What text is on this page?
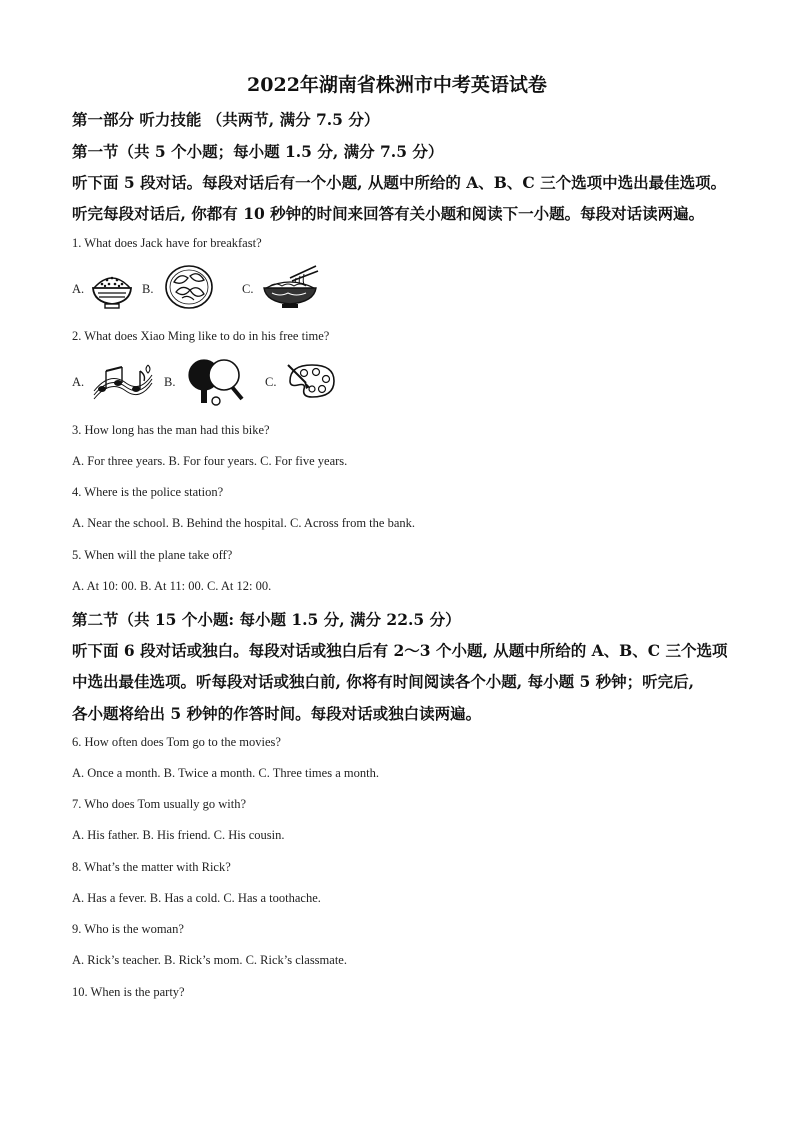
2022年湖南省株洲市中考英语试卷
第一部分 听力技能 （共两节, 满分 7.5 分）
第一节（共 5 个小题；每小题 1.5 分, 满分 7.5 分）
听下面 5 段对话。每段对话后有一个小题, 从题中所给的 A、B、C 三个选项中选出最佳选项。
听完每段对话后, 你都有 10 秒钟的时间来回答有关小题和阅读下一小题。每段对话读两遍。
1. What does Jack have for breakfast?
A.	B.	C.
2. What does Xiao Ming like to do in his free time?
A.	B.	C.
3. How long has the man had this bike?
A. For three years. B. For four years. C. For five years.
4. Where is the police station?
A. Near the school. B. Behind the hospital. C. Across from the bank.
5. When will the plane take off?
A. At 10: 00. B. At 11: 00. C. At 12: 00.
第二节（共 15 个小题: 每小题 1.5 分, 满分 22.5 分）
听下面 6 段对话或独白。每段对话或独白后有 2～3 个小题, 从题中所给的 A、B、C 三个选项
中选出最佳选项。听每段对话或独白前, 你将有时间阅读各个小题, 每小题 5 秒钟；听完后,
各小题将给出 5 秒钟的作答时间。每段对话或独白读两遍。
6. How often does Tom go to the movies?
A. Once a month. B. Twice a month. C. Three times a month.
7. Who does Tom usually go with?
A. His father. B. His friend. C. His cousin.
8. What’s the matter with Rick?
A. Has a fever. B. Has a cold. C. Has a toothache.
9. Who is the woman?
A. Rick’s teacher. B. Rick’s mom. C. Rick’s classmate.
10. When is the party?
